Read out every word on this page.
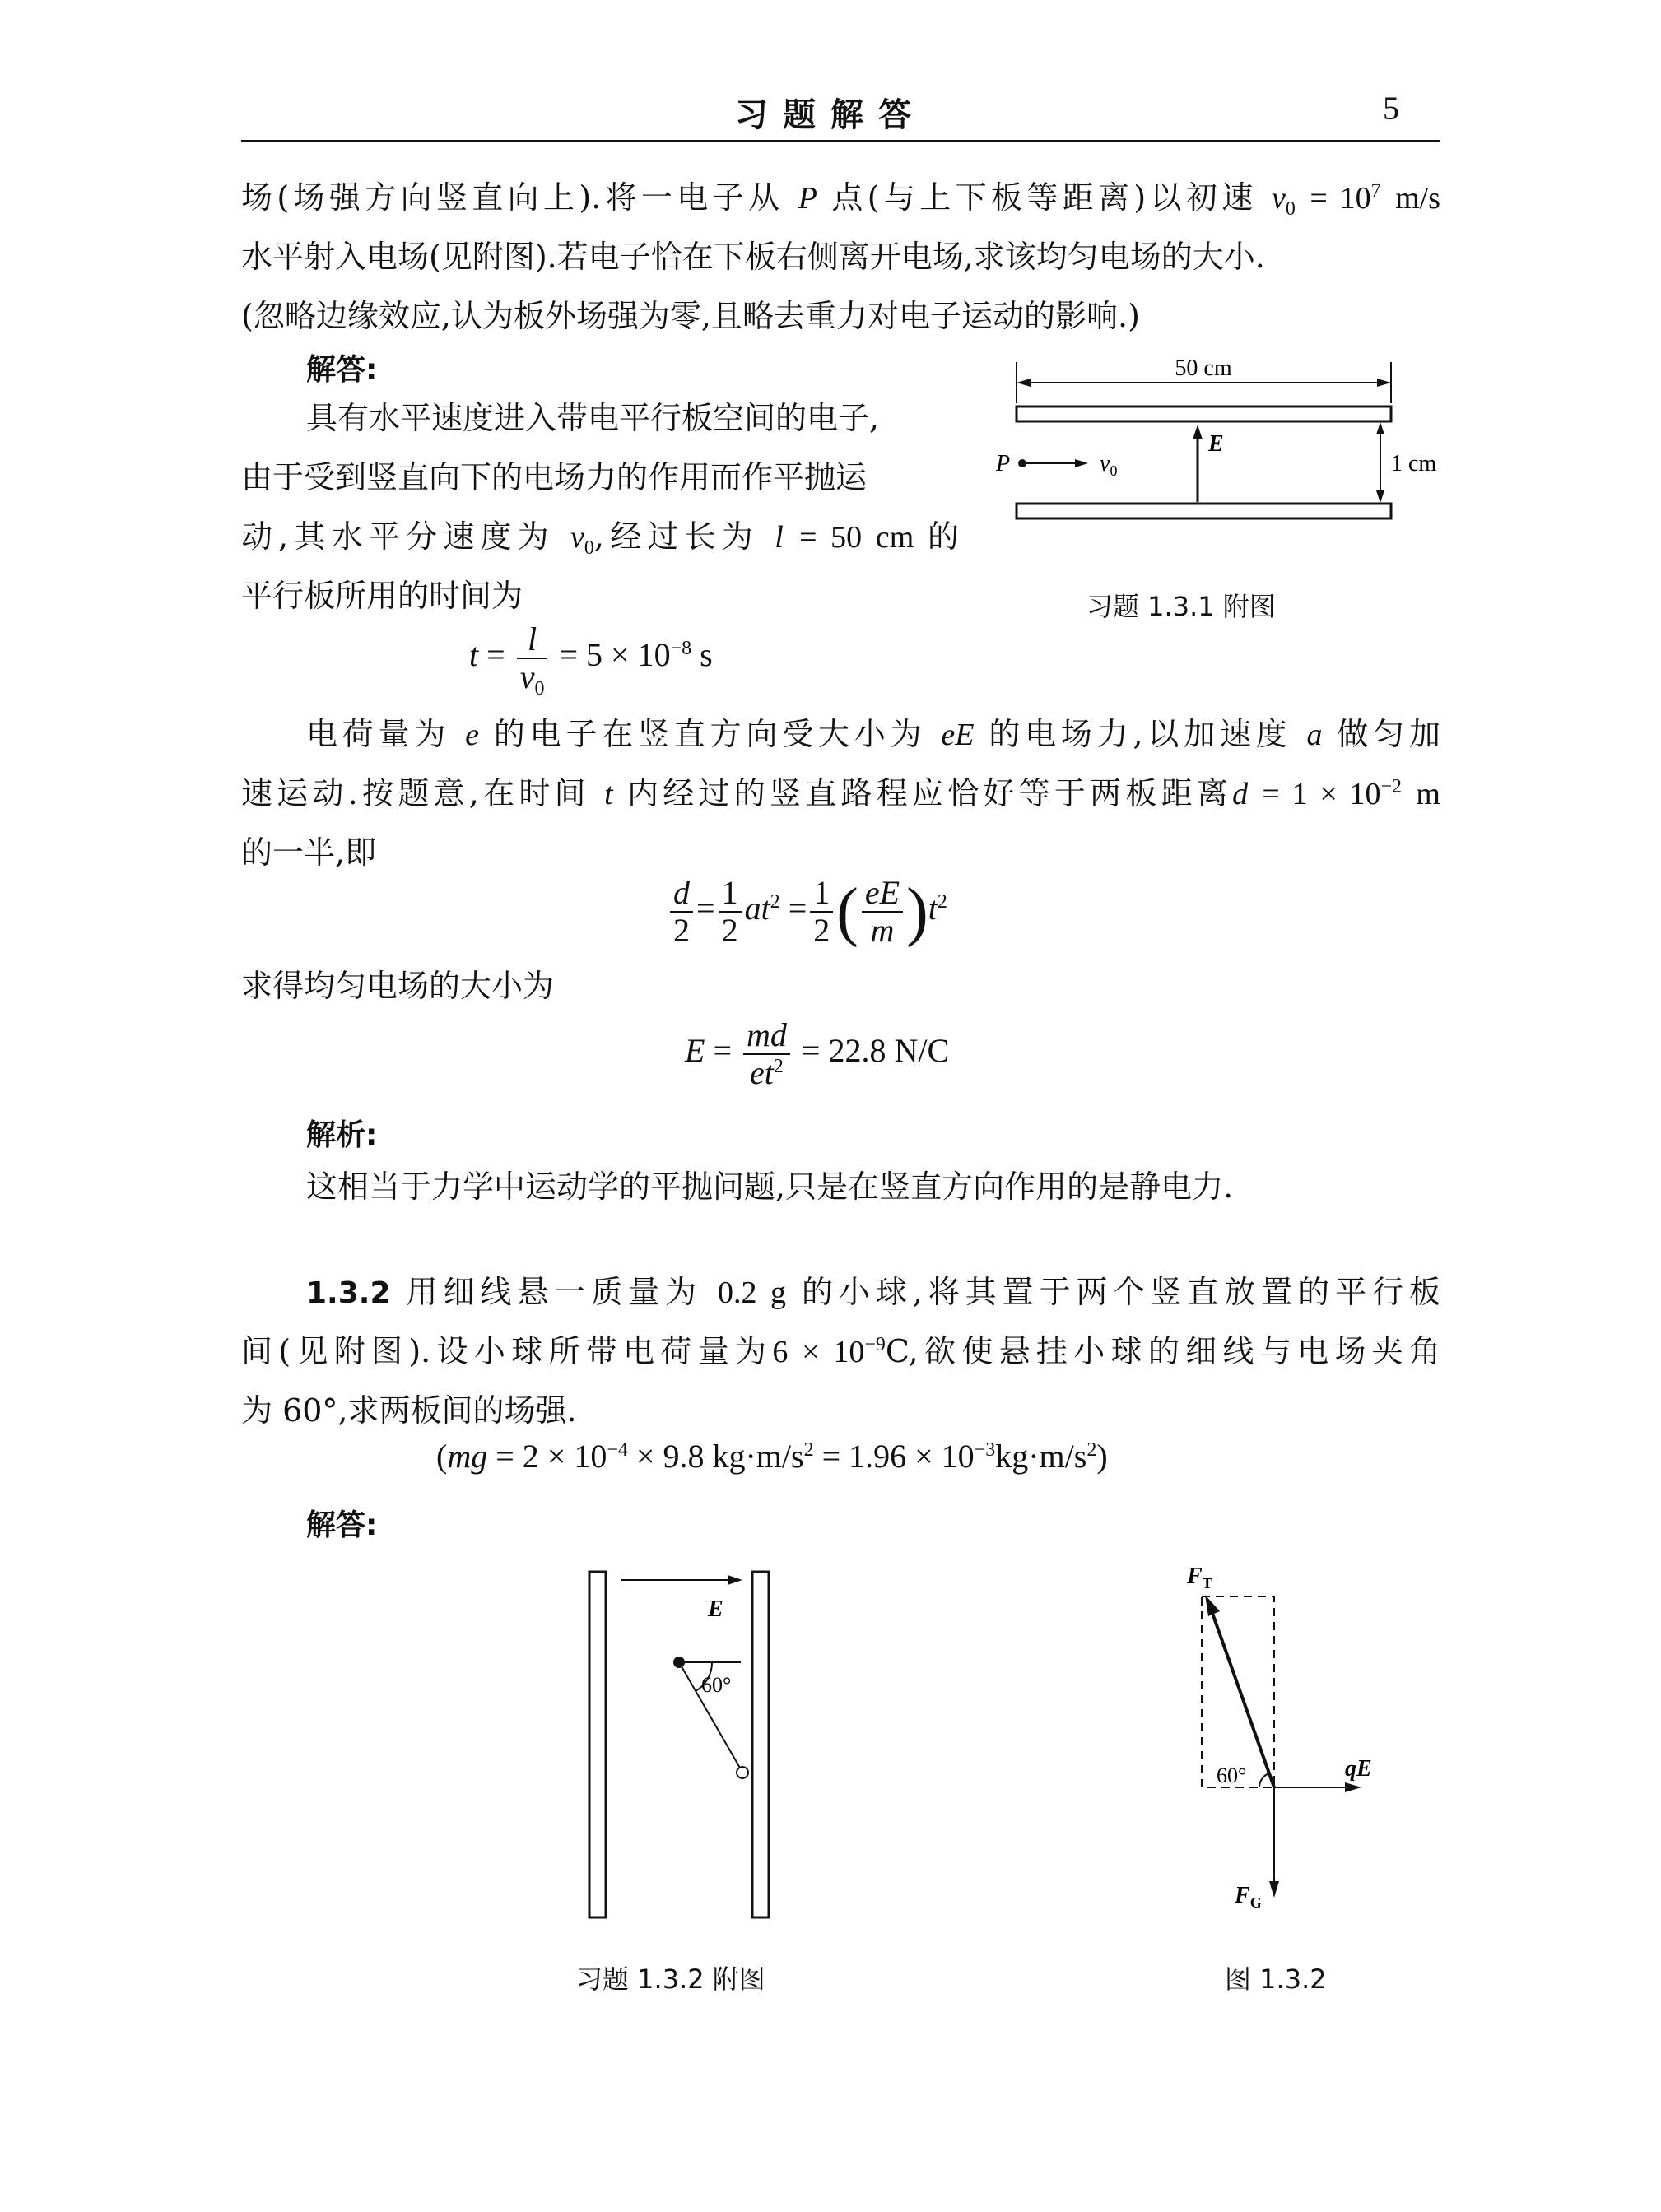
习题解答	5
场(场强方向竖直向上).将一电子从 P 点(与上下板等距离)以初速 $v_0 = 10^7$ m/s
水平射入电场(见附图).若电子恰在下板右侧离开电场,求该均匀电场的大小.
(忽略边缘效应,认为板外场强为零,且略去重力对电子运动的影响.)
解答:
具有水平速度进入带电平行板空间的电子,
由于受到竖直向下的电场力的作用而作平抛运
动,其水平分速度为 $v_0$,经过长为 l = 50 cm 的
平行板所用的时间为
$t = \frac{l}{v_0} = 5 \times 10^{-8}$ s
电荷量为 e 的电子在竖直方向受大小为 eE 的电场力,以加速度 a 做匀加
速运动.按题意,在时间 t 内经过的竖直路程应恰好等于两板距离$d = 1 \times 10^{-2}$ m
的一半,即
$\frac{d}{2} = \frac{1}{2} at^2 = \frac{1}{2}$ ( $\frac{eE}{m} )t^2$
求得均匀电场的大小为
$E = \frac{md}{et^2} = 22.8$ N/C
解析:
这相当于力学中运动学的平抛问题,只是在竖直方向作用的是静电力.
50 cm
1 cm
P	$v_0$
E
习题 1.3.1 附图
1.3.2 用细线悬一质量为 0.2 g 的小球,将其置于两个竖直放置的平行板
间(见附图).设小球所带电荷量为$6 \times 10^{-9}C$,欲使悬挂小球的细线与电场夹角
为 60°,求两板间的场强.
($mg = 2 \times 10^{-4} \times 9.8$ $kg\cdot m/s^2 = 1.96 \times 10^{-3}kg\cdot m/s^2$)
解答:
E
60°
习题 1.3.2 附图
$F_T$
qE
$F_G$
60°
图 1.3.2
